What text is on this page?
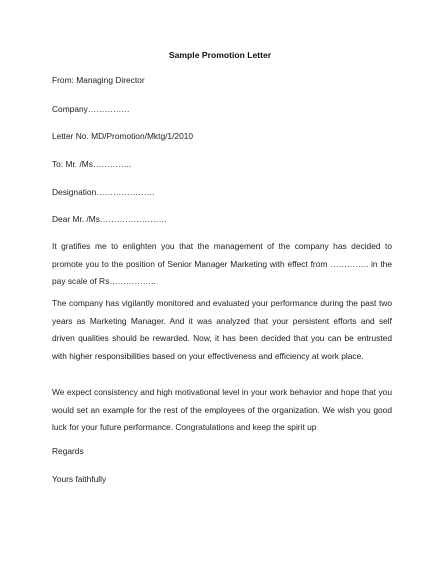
Sample Promotion Letter
From: Managing Director
Company……………
Letter No. MD/Promotion/Mktg/1/2010
To: Mr. /Ms…………..
Designation…………………
Dear Mr. /Ms……………………
It gratifies me to enlighten you that the management of the company has decided to promote you to the position of Senior Manager Marketing with effect from ………….. in the pay scale of Rs……………..
The company has vigilantly monitored and evaluated your performance during the past two years as Marketing Manager. And it was analyzed that your persistent efforts and self driven qualities should be rewarded. Now, it has been decided that you can be entrusted with higher responsibilities based on your effectiveness and efficiency at work place.
We expect consistency and high motivational level in your work behavior and hope that you would set an example for the rest of the employees of the organization. We wish you good luck for your future performance. Congratulations and keep the spirit up
Regards
Yours faithfully
